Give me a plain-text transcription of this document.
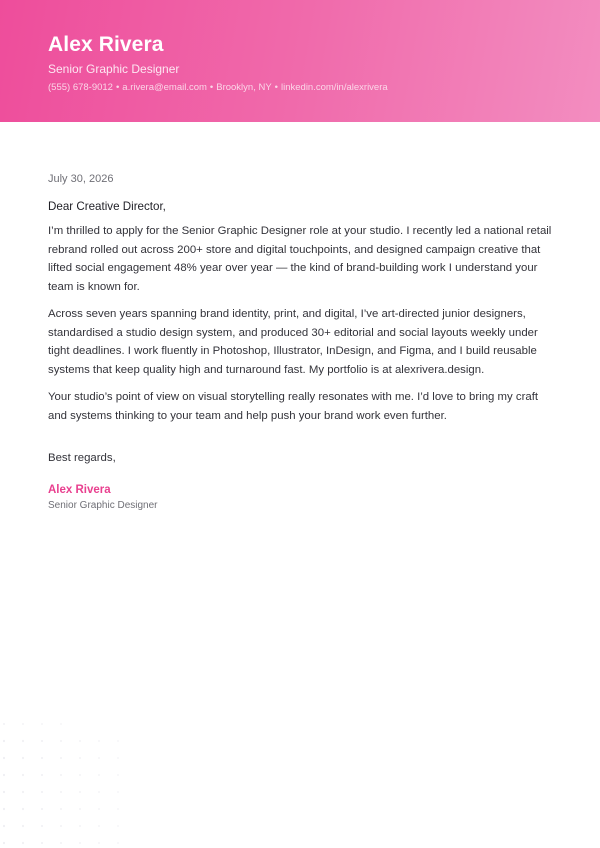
Alex Rivera
Senior Graphic Designer
(555) 678-9012 • a.rivera@email.com • Brooklyn, NY • linkedin.com/in/alexrivera
July 30, 2026
Dear Creative Director,

I’m thrilled to apply for the Senior Graphic Designer role at your studio. I recently led a national retail rebrand rolled out across 200+ store and digital touchpoints, and designed campaign creative that lifted social engagement 48% year over year — the kind of brand-building work I understand your team is known for.

Across seven years spanning brand identity, print, and digital, I’ve art-directed junior designers, standardised a studio design system, and produced 30+ editorial and social layouts weekly under tight deadlines. I work fluently in Photoshop, Illustrator, InDesign, and Figma, and I build reusable systems that keep quality high and turnaround fast. My portfolio is at alexrivera.design.

Your studio’s point of view on visual storytelling really resonates with me. I’d love to bring my craft and systems thinking to your team and help push your brand work even further.

Best regards,
Alex Rivera
Senior Graphic Designer
